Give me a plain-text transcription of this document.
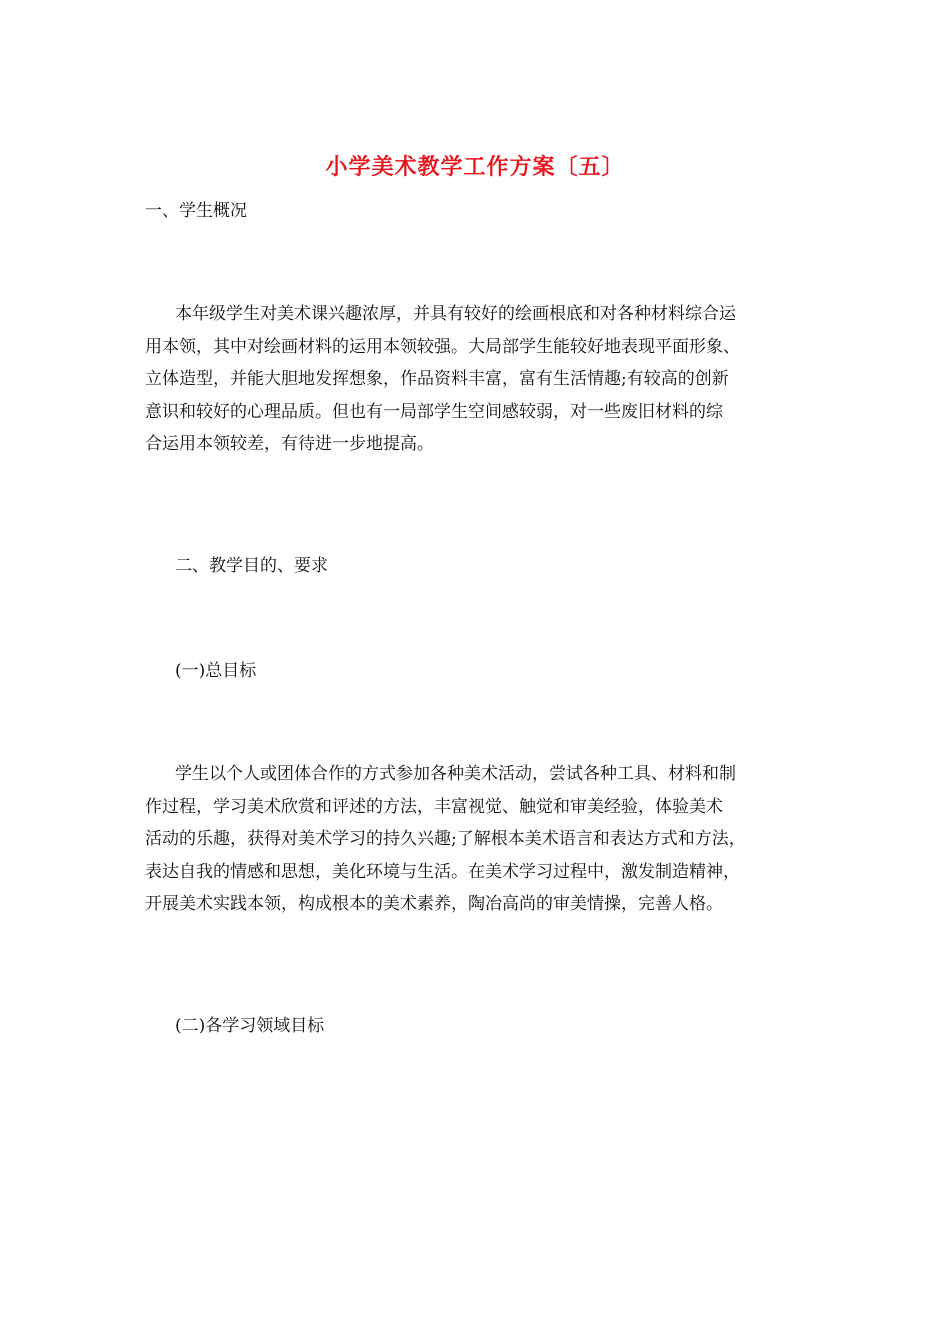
小学美术教学工作方案〔五〕
一、学生概况
本年级学生对美术课兴趣浓厚，并具有较好的绘画根底和对各种材料综合运
用本领，其中对绘画材料的运用本领较强。大局部学生能较好地表现平面形象、
立体造型，并能大胆地发挥想象，作品资料丰富，富有生活情趣;有较高的创新
意识和较好的心理品质。但也有一局部学生空间感较弱，对一些废旧材料的综
合运用本领较差，有待进一步地提高。
二、教学目的、要求
(一)总目标
学生以个人或团体合作的方式参加各种美术活动，尝试各种工具、材料和制
作过程，学习美术欣赏和评述的方法，丰富视觉、触觉和审美经验，体验美术
活动的乐趣，获得对美术学习的持久兴趣;了解根本美术语言和表达方式和方法，
表达自我的情感和思想，美化环境与生活。在美术学习过程中，激发制造精神，
开展美术实践本领，构成根本的美术素养，陶冶高尚的审美情操，完善人格。
(二)各学习领域目标
